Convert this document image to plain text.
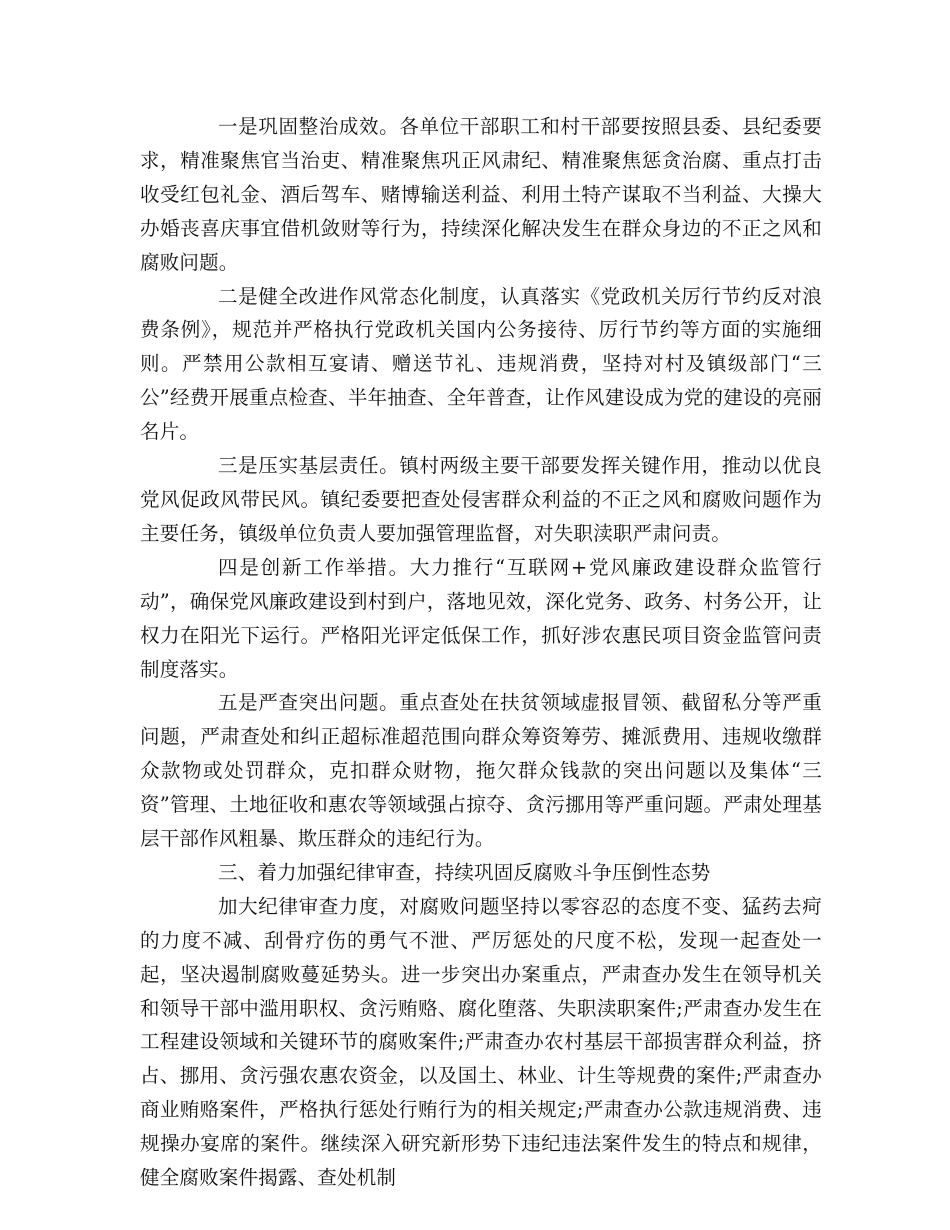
一是巩固整治成效。各单位干部职工和村干部要按照县委、县纪委要求，精准聚焦官当治吏、精准聚焦巩正风肃纪、精准聚焦惩贪治腐、重点打击收受红包礼金、酒后驾车、赌博输送利益、利用土特产谋取不当利益、大操大办婚丧喜庆事宜借机敛财等行为，持续深化解决发生在群众身边的不正之风和腐败问题。

二是健全改进作风常态化制度，认真落实《党政机关厉行节约反对浪费条例》，规范并严格执行党政机关国内公务接待、厉行节约等方面的实施细则。严禁用公款相互宴请、赠送节礼、违规消费，坚持对村及镇级部门“三公”经费开展重点检查、半年抽查、全年普查，让作风建设成为党的建设的亮丽名片。

三是压实基层责任。镇村两级主要干部要发挥关键作用，推动以优良党风促政风带民风。镇纪委要把查处侵害群众利益的不正之风和腐败问题作为主要任务，镇级单位负责人要加强管理监督，对失职渎职严肃问责。

四是创新工作举措。大力推行“互联网+党风廉政建设群众监管行动”，确保党风廉政建设到村到户，落地见效，深化党务、政务、村务公开，让权力在阳光下运行。严格阳光评定低保工作，抓好涉农惠民项目资金监管问责制度落实。

五是严查突出问题。重点查处在扶贫领域虚报冒领、截留私分等严重问题，严肃查处和纠正超标准超范围向群众筹资筹劳、摊派费用、违规收缴群众款物或处罚群众，克扣群众财物，拖欠群众钱款的突出问题以及集体“三资”管理、土地征收和惠农等领域强占掠夺、贪污挪用等严重问题。严肃处理基层干部作风粗暴、欺压群众的违纪行为。

三、着力加强纪律审查，持续巩固反腐败斗争压倒性态势

加大纪律审查力度，对腐败问题坚持以零容忍的态度不变、猛药去疴的力度不减、刮骨疗伤的勇气不泄、严厉惩处的尺度不松，发现一起查处一起，坚决遏制腐败蔓延势头。进一步突出办案重点，严肃查办发生在领导机关和领导干部中滥用职权、贪污贿赂、腐化堕落、失职渎职案件;严肃查办发生在工程建设领域和关键环节的腐败案件;严肃查办农村基层干部损害群众利益，挤占、挪用、贪污强农惠农资金，以及国土、林业、计生等规费的案件;严肃查办商业贿赂案件，严格执行惩处行贿行为的相关规定;严肃查办公款违规消费、违规操办宴席的案件。继续深入研究新形势下违纪违法案件发生的特点和规律，健全腐败案件揭露、查处机制
